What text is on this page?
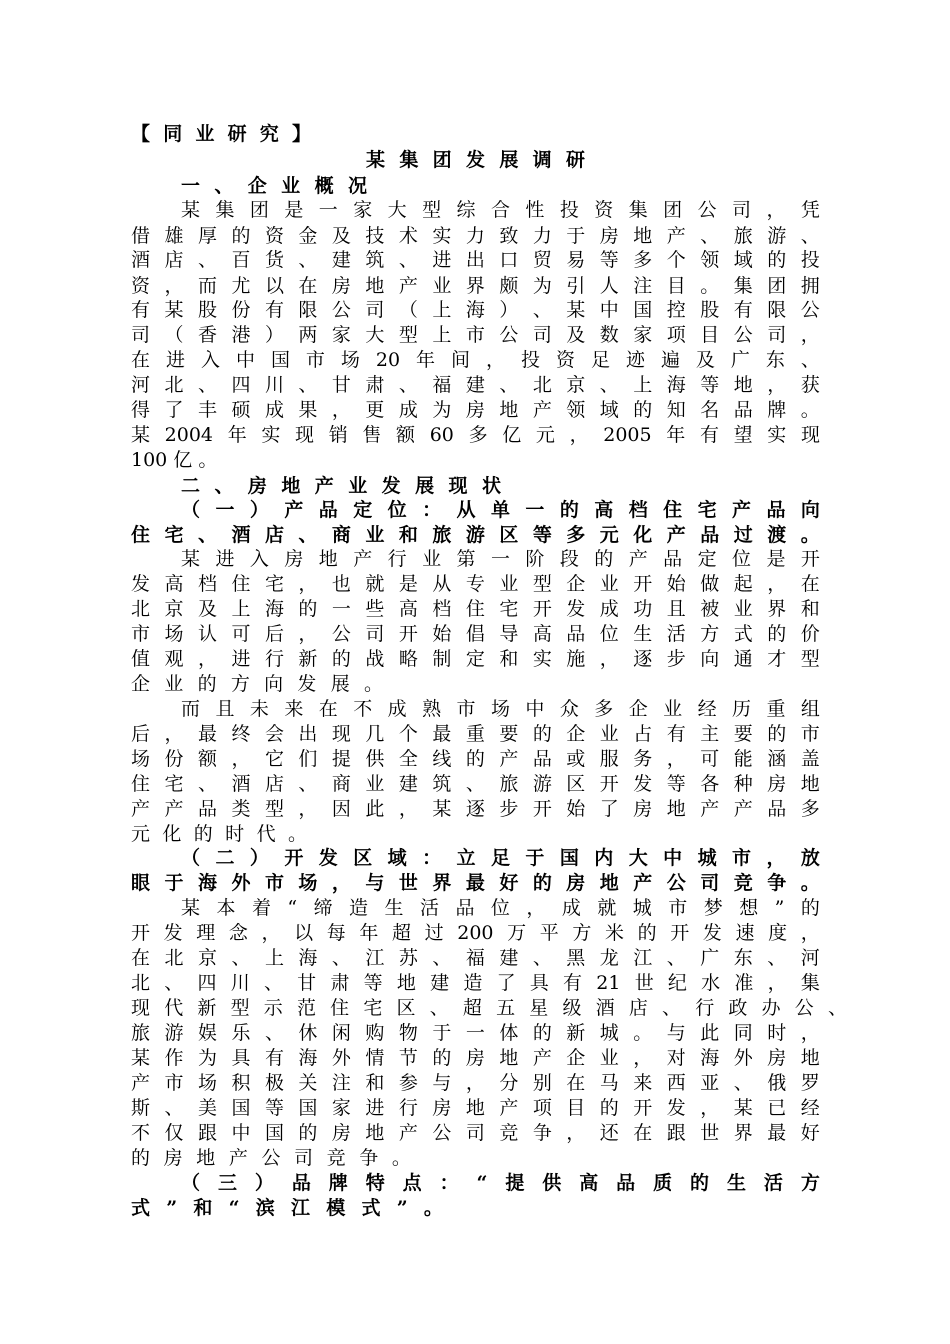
【 同 业 研 究 】
某 集 团 发 展 调 研
一 、 企 业 概 况
某 集 团 是 一 家 大 型 综 合 性 投 资 集 团 公 司 ， 凭
借 雄 厚 的 资 金 及 技 术 实 力 致 力 于 房 地 产 、 旅 游 、
酒 店 、 百 货 、 建 筑 、 进 出 口 贸 易 等 多 个 领 域 的 投
资 ， 而 尤 以 在 房 地 产 业 界 颇 为 引 人 注 目 。 集 团 拥
有 某 股 份 有 限 公 司 （ 上 海 ） 、 某 中 国 控 股 有 限 公
司 （ 香 港 ） 两 家 大 型 上 市 公 司 及 数 家 项 目 公 司 ，
在 进 入 中 国 市 场 20 年 间 ， 投 资 足 迹 遍 及 广 东 、
河 北 、 四 川 、 甘 肃 、 福 建 、 北 京 、 上 海 等 地 ， 获
得 了 丰 硕 成 果 ， 更 成 为 房 地 产 领 域 的 知 名 品 牌 。
某 2004 年 实 现 销 售 额 60 多 亿 元 ， 2005 年 有 望 实 现
100 亿 。
二 、 房 地 产 业 发 展 现 状
（ 一 ） 产 品 定 位 ： 从 单 一 的 高 档 住 宅 产 品 向
住 宅 、 酒 店 、 商 业 和 旅 游 区 等 多 元 化 产 品 过 渡 。
某 进 入 房 地 产 行 业 第 一 阶 段 的 产 品 定 位 是 开
发 高 档 住 宅 ， 也 就 是 从 专 业 型 企 业 开 始 做 起 ， 在
北 京 及 上 海 的 一 些 高 档 住 宅 开 发 成 功 且 被 业 界 和
市 场 认 可 后 ， 公 司 开 始 倡 导 高 品 位 生 活 方 式 的 价
值 观 ， 进 行 新 的 战 略 制 定 和 实 施 ， 逐 步 向 通 才 型
企 业 的 方 向 发 展 。
而 且 未 来 在 不 成 熟 市 场 中 众 多 企 业 经 历 重 组
后 ， 最 终 会 出 现 几 个 最 重 要 的 企 业 占 有 主 要 的 市
场 份 额 ， 它 们 提 供 全 线 的 产 品 或 服 务 ， 可 能 涵 盖
住 宅 、 酒 店 、 商 业 建 筑 、 旅 游 区 开 发 等 各 种 房 地
产 产 品 类 型 ， 因 此 ， 某 逐 步 开 始 了 房 地 产 产 品 多
元 化 的 时 代 。
（ 二 ） 开 发 区 域 ： 立 足 于 国 内 大 中 城 市 ， 放
眼 于 海 外 市 场 ， 与 世 界 最 好 的 房 地 产 公 司 竞 争 。
某 本 着 “ 缔 造 生 活 品 位 ， 成 就 城 市 梦 想 ” 的
开 发 理 念 ， 以 每 年 超 过 200 万 平 方 米 的 开 发 速 度 ，
在 北 京 、 上 海 、 江 苏 、 福 建 、 黑 龙 江 、 广 东 、 河
北 、 四 川 、 甘 肃 等 地 建 造 了 具 有 21 世 纪 水 准 ， 集
现 代 新 型 示 范 住 宅 区 、 超 五 星 级 酒 店 、 行 政 办 公 、
旅 游 娱 乐 、 休 闲 购 物 于 一 体 的 新 城 。 与 此 同 时 ，
某 作 为 具 有 海 外 情 节 的 房 地 产 企 业 ， 对 海 外 房 地
产 市 场 积 极 关 注 和 参 与 ， 分 别 在 马 来 西 亚 、 俄 罗
斯 、 美 国 等 国 家 进 行 房 地 产 项 目 的 开 发 ， 某 已 经
不 仅 跟 中 国 的 房 地 产 公 司 竞 争 ， 还 在 跟 世 界 最 好
的 房 地 产 公 司 竞 争 。
（ 三 ） 品 牌 特 点 ： “ 提 供 高 品 质 的 生 活 方
式 ” 和 “ 滨 江 模 式 ” 。
